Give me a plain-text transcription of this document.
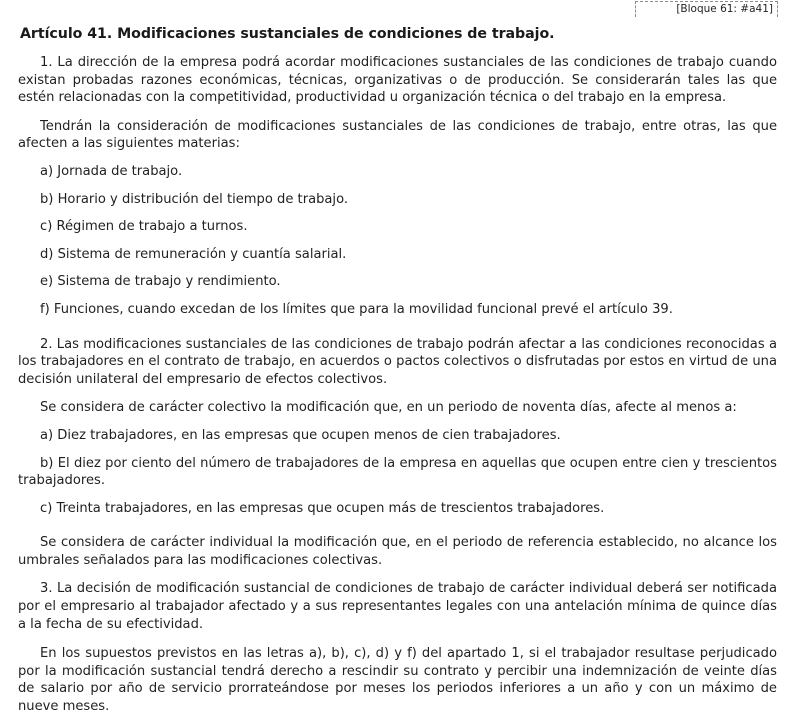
[Bloque 61: #a41]
Artículo 41. Modificaciones sustanciales de condiciones de trabajo.

1. La dirección de la empresa podrá acordar modificaciones sustanciales de las condiciones de trabajo cuando existan probadas razones económicas, técnicas, organizativas o de producción. Se considerarán tales las que estén relacionadas con la competitividad, productividad u organización técnica o del trabajo en la empresa.

Tendrán la consideración de modificaciones sustanciales de las condiciones de trabajo, entre otras, las que afecten a las siguientes materias:

a) Jornada de trabajo.

b) Horario y distribución del tiempo de trabajo.

c) Régimen de trabajo a turnos.

d) Sistema de remuneración y cuantía salarial.

e) Sistema de trabajo y rendimiento.

f) Funciones, cuando excedan de los límites que para la movilidad funcional prevé el artículo 39.

2. Las modificaciones sustanciales de las condiciones de trabajo podrán afectar a las condiciones reconocidas a los trabajadores en el contrato de trabajo, en acuerdos o pactos colectivos o disfrutadas por estos en virtud de una decisión unilateral del empresario de efectos colectivos.

Se considera de carácter colectivo la modificación que, en un periodo de noventa días, afecte al menos a:

a) Diez trabajadores, en las empresas que ocupen menos de cien trabajadores.

b) El diez por ciento del número de trabajadores de la empresa en aquellas que ocupen entre cien y trescientos trabajadores.

c) Treinta trabajadores, en las empresas que ocupen más de trescientos trabajadores.

Se considera de carácter individual la modificación que, en el periodo de referencia establecido, no alcance los umbrales señalados para las modificaciones colectivas.

3. La decisión de modificación sustancial de condiciones de trabajo de carácter individual deberá ser notificada por el empresario al trabajador afectado y a sus representantes legales con una antelación mínima de quince días a la fecha de su efectividad.

En los supuestos previstos en las letras a), b), c), d) y f) del apartado 1, si el trabajador resultase perjudicado por la modificación sustancial tendrá derecho a rescindir su contrato y percibir una indemnización de veinte días de salario por año de servicio prorrateándose por meses los periodos inferiores a un año y con un máximo de nueve meses.
